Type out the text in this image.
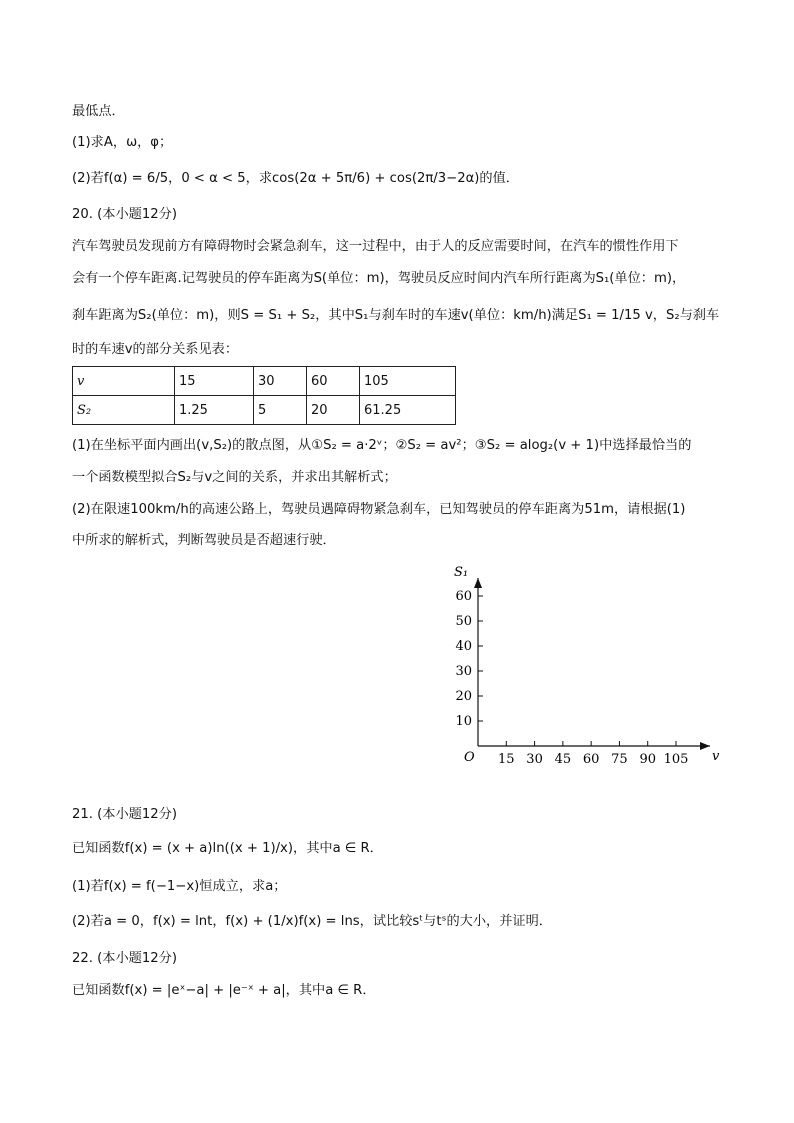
最低点．
(1)求A，ω，φ；
(2)若f(α) = 6/5，0 < α < 5，求cos(2α + 5π/6) + cos(2π/3−2α)的值．
20. (本小题12分)
汽车驾驶员发现前方有障碍物时会紧急刹车，这一过程中，由于人的反应需要时间，在汽车的惯性作用下
会有一个停车距离.记驾驶员的停车距离为S(单位：m)，驾驶员反应时间内汽车所行距离为S₁(单位：m)，
刹车距离为S₂(单位：m)，则S = S₁ + S₂，其中S₁与刹车时的车速v(单位：km/h)满足S₁ = 1/15 v，S₂与刹车
时的车速v的部分关系见表：
v	15	30	60	105
S₂	1.25	5	20	61.25
(1)在坐标平面内画出(v,S₂)的散点图，从①S₂ = a·2ᵛ；②S₂ = av²；③S₂ = alog₂(v + 1)中选择最恰当的
一个函数模型拟合S₂与v之间的关系，并求出其解析式；
(2)在限速100km/h的高速公路上，驾驶员遇障碍物紧急刹车，已知驾驶员的停车距离为51m，请根据(1)
中所求的解析式，判断驾驶员是否超速行驶．
O	v
S₁
15 30 45 60 75 90 105
10
20
30
40
50
60
21. (本小题12分)
已知函数f(x) = (x + a)ln((x + 1)/x)，其中a ∈ R．
(1)若f(x) = f(−1−x)恒成立，求a；
(2)若a = 0，f(x) = lnt，f(x) + (1/x)f(x) = lns，试比较sᵗ与tˢ的大小，并证明．
22. (本小题12分)
已知函数f(x) = |eˣ−a| + |e⁻ˣ + a|，其中a ∈ R．
